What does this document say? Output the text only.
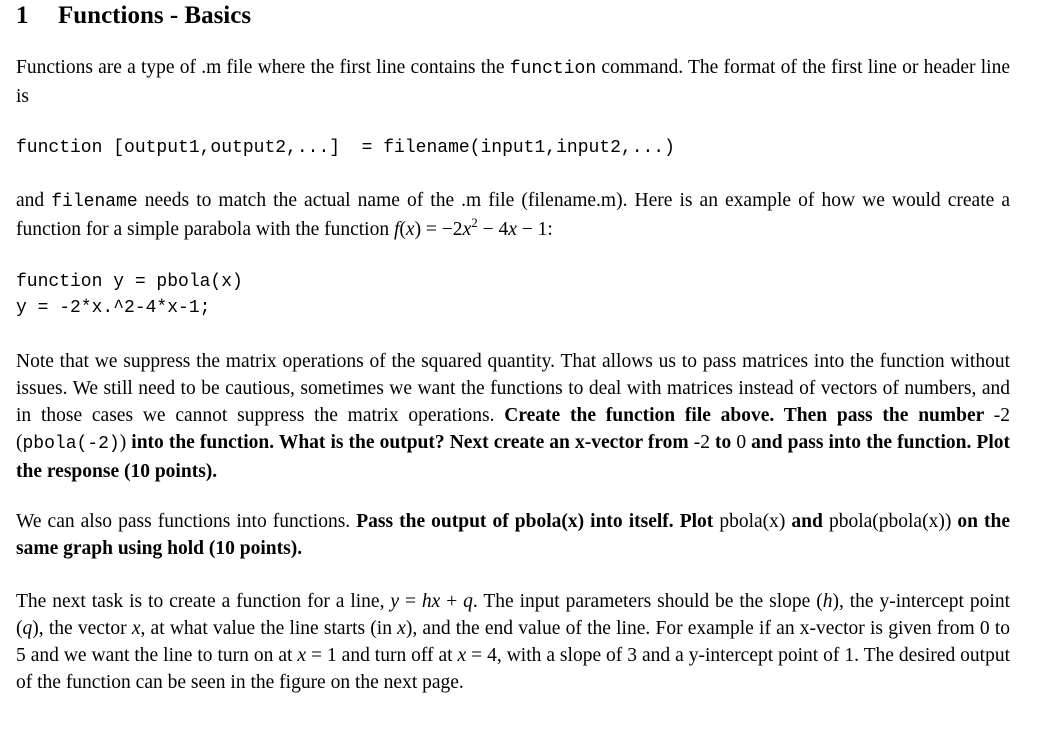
1 Functions - Basics

Functions are a type of .m file where the first line contains the function command. The format of the first line or header line is

function [output1,output2,...]  = filename(input1,input2,...)

and filename needs to match the actual name of the .m file (filename.m). Here is an example of how we would create a function for a simple parabola with the function $f(x) = -2x^2 - 4x - 1$:

function y = pbola(x)
y = -2*x.^2-4*x-1;

Note that we suppress the matrix operations of the squared quantity. That allows us to pass matrices into the function without issues. We still need to be cautious, sometimes we want the functions to deal with matrices instead of vectors of numbers, and in those cases we cannot suppress the matrix operations. Create the function file above. Then pass the number -2 (pbola(-2)) into the function. What is the output? Next create an x-vector from -2 to 0 and pass into the function. Plot the response (10 points).

We can also pass functions into functions. Pass the output of pbola(x) into itself. Plot pbola(x) and pbola(pbola(x)) on the same graph using hold (10 points).

The next task is to create a function for a line, y = hx + q. The input parameters should be the slope (h), the y-intercept point (q), the vector x, at what value the line starts (in x), and the end value of the line. For example if an x-vector is given from 0 to 5 and we want the line to turn on at x = 1 and turn off at x = 4, with a slope of 3 and a y-intercept point of 1. The desired output of the function can be seen in the figure on the next page.
